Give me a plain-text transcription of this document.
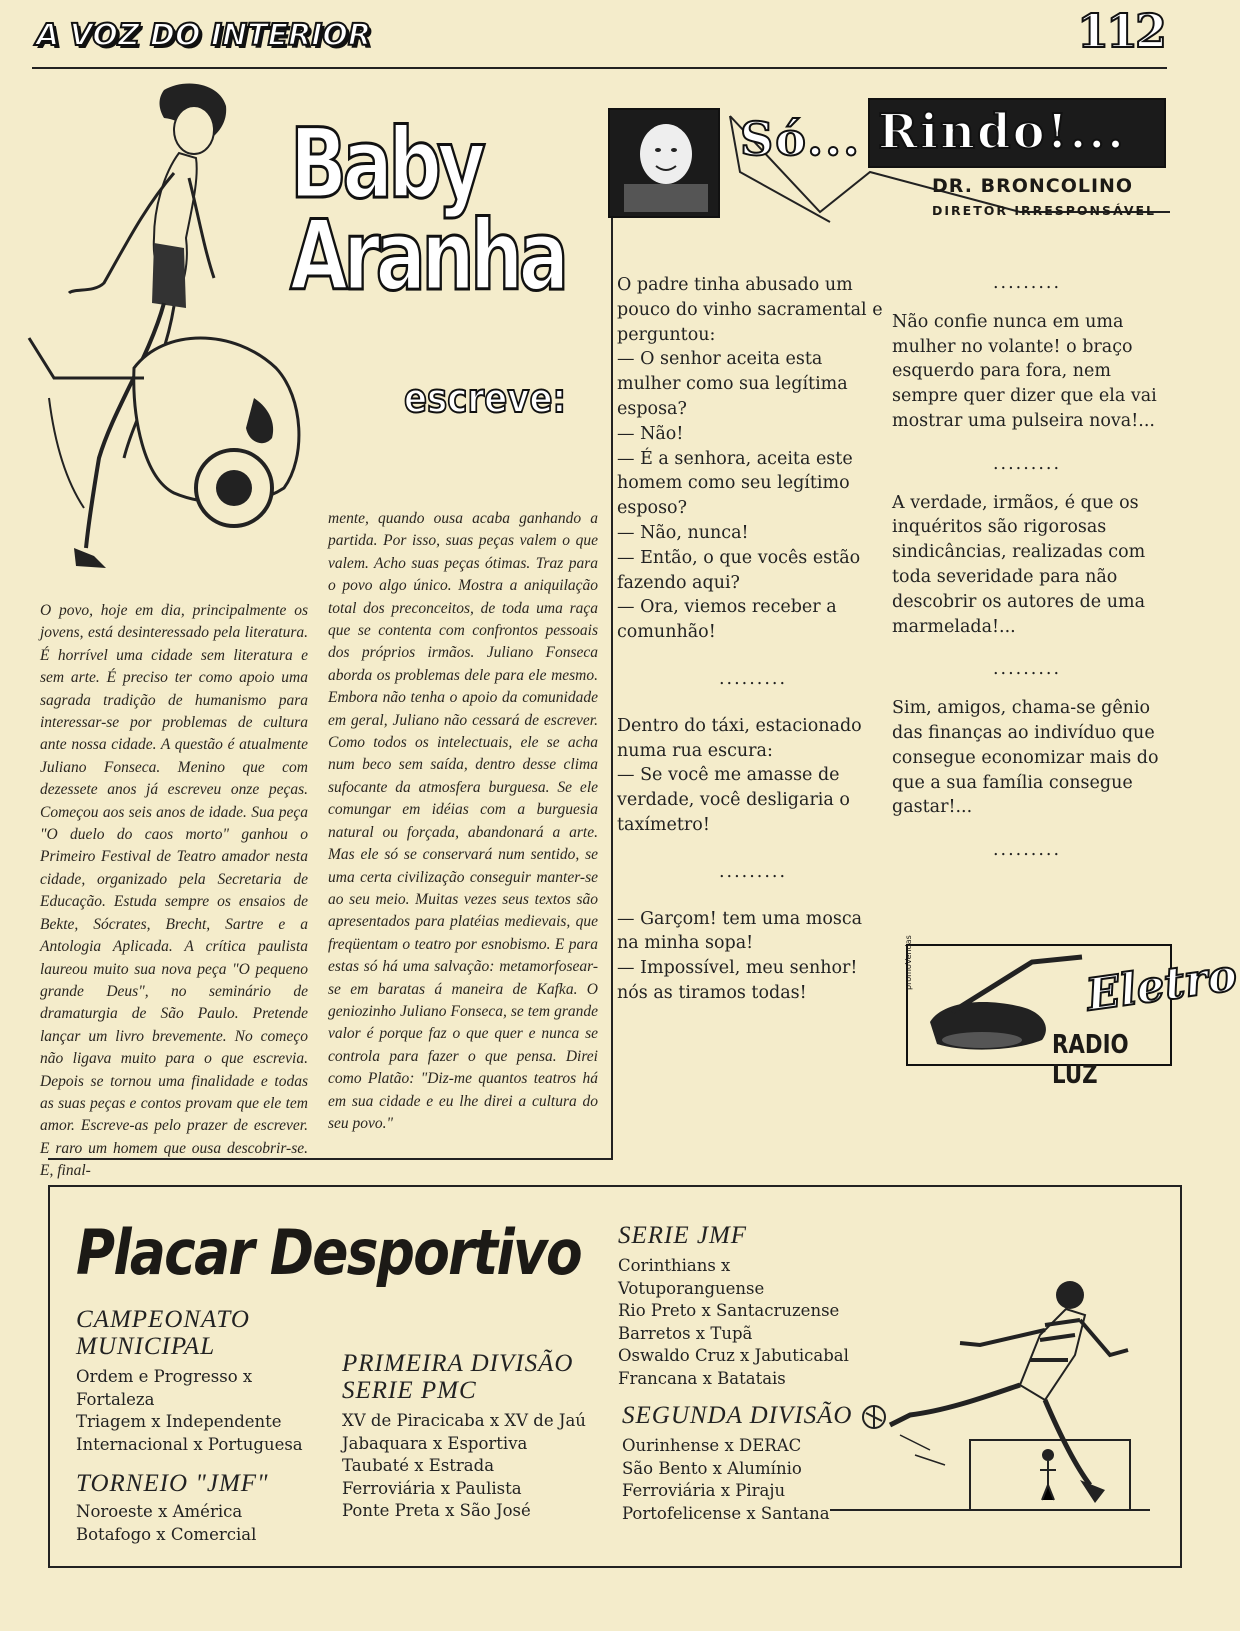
A VOZ DO INTERIOR	112
Baby
Aranha
escreve:
O povo, hoje em dia, principalmente os jovens, está desinteressado pela literatura. É horrível uma cidade sem literatura e sem arte. É preciso ter como apoio uma sagrada tradição de humanismo para interessar-se por problemas de cultura ante nossa cidade. A questão é atualmente Juliano Fonseca. Menino que com dezessete anos já escreveu onze peças. Começou aos seis anos de idade. Sua peça "O duelo do caos morto" ganhou o Primeiro Festival de Teatro amador nesta cidade, organizado pela Secretaria de Educação. Estuda sempre os ensaios de Bekte, Sócrates, Brecht, Sartre e a Antologia Aplicada. A crítica paulista laureou muito sua nova peça "O pequeno grande Deus", no seminário de dramaturgia de São Paulo. Pretende lançar um livro brevemente. No começo não ligava muito para o que escrevia. Depois se tornou uma finalidade e todas as suas peças e contos provam que ele tem amor. Escreve-as pelo prazer de escrever. E raro um homem que ousa descobrir-se. E, final-
mente, quando ousa acaba ganhando a partida. Por isso, suas peças valem o que valem. Acho suas peças ótimas. Traz para o povo algo único. Mostra a aniquilação total dos preconceitos, de toda uma raça que se contenta com confrontos pessoais dos próprios irmãos. Juliano Fonseca aborda os problemas dele para ele mesmo. Embora não tenha o apoio da comunidade em geral, Juliano não cessará de escrever. Como todos os intelectuais, ele se acha num beco sem saída, dentro desse clima sufocante da atmosfera burguesa. Se ele comungar em idéias com a burguesia natural ou forçada, abandonará a arte. Mas ele só se conservará num sentido, se uma certa civilização conseguir manter-se ao seu meio. Muitas vezes seus textos são apresentados para platéias medievais, que freqüentam o teatro por esnobismo. E para estas só há uma salvação: metamorfosear-se em baratas á maneira de Kafka. O geniozinho Juliano Fonseca, se tem grande valor é porque faz o que quer e nunca se controla para fazer o que pensa. Direi como Platão: "Diz-me quantos teatros há em sua cidade e eu lhe direi a cultura do seu povo."
Só... Rindo!...
DR. BRONCOLINO
DIRETOR IRRESPONSÁVEL

O padre tinha abusado um pouco do vinho sacramental e perguntou:

— O senhor aceita esta mulher como sua legítima esposa?

— Não!

— É a senhora, aceita este homem como seu legítimo esposo?

— Não, nunca!

— Então, o que vocês estão fazendo aqui?

— Ora, viemos receber a comunhão!

.........

Dentro do táxi, estacionado numa rua escura:

— Se você me amasse de verdade, você desligaria o taxímetro!

.........

— Garçom! tem uma mosca na minha sopa!

— Impossível, meu senhor! nós as tiramos todas!

.........

Não confie nunca em uma mulher no volante! o braço esquerdo para fora, nem sempre quer dizer que ela vai mostrar uma pulseira nova!...

.........

A verdade, irmãos, é que os inquéritos são rigorosas sindicâncias, realizadas com toda severidade para não descobrir os autores de uma marmelada!...

.........

Sim, amigos, chama-se gênio das finanças ao indivíduo que consegue economizar mais do que a sua família consegue gastar!...

.........
promoVendas	Eletro
RADIO LUZ
Placar Desportivo
CAMPEONATO MUNICIPAL
Ordem e Progresso x Fortaleza
Triagem x Independente
Internacional x Portuguesa
TORNEIO "JMF"
Noroeste x América
Botafogo x Comercial
PRIMEIRA DIVISÃO SERIE PMC
XV de Piracicaba x XV de Jaú
Jabaquara x Esportiva
Taubaté x Estrada
Ferroviária x Paulista
Ponte Preta x São José
SERIE JMF
Corinthians x Votuporanguense
Rio Preto x Santacruzense
Barretos x Tupã
Oswaldo Cruz x Jabuticabal
Francana x Batatais
SEGUNDA DIVISÃO
Ourinhense x DERAC
São Bento x Alumínio
Ferroviária x Piraju
Portofelicense x Santana
